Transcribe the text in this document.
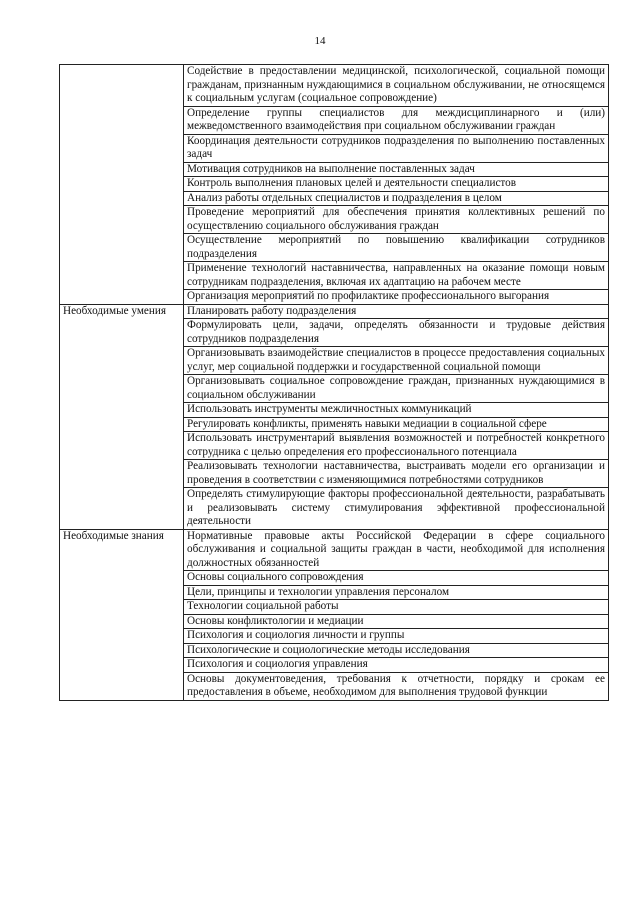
14
	Содействие в предоставлении медицинской, психологической, социальной помощи гражданам, признанным нуждающимися в социальном обслуживании, не относящемся к социальным услугам (социальное сопровождение)
	Определение группы специалистов для междисциплинарного и (или) межведомственного взаимодействия при социальном обслуживании граждан
	Координация деятельности сотрудников подразделения по выполнению поставленных задач
	Мотивация сотрудников на выполнение поставленных задач
	Контроль выполнения плановых целей и деятельности специалистов
	Анализ работы отдельных специалистов и подразделения в целом
	Проведение мероприятий для обеспечения принятия коллективных решений по осуществлению социального обслуживания граждан
	Осуществление мероприятий по повышению квалификации сотрудников подразделения
	Применение технологий наставничества, направленных на оказание помощи новым сотрудникам подразделения, включая их адаптацию на рабочем месте
	Организация мероприятий по профилактике профессионального выгорания
Необходимые умения	Планировать работу подразделения
	Формулировать цели, задачи, определять обязанности и трудовые действия сотрудников подразделения
	Организовывать взаимодействие специалистов в процессе предоставления социальных услуг, мер социальной поддержки и государственной социальной помощи
	Организовывать социальное сопровождение граждан, признанных нуждающимися в социальном обслуживании
	Использовать инструменты межличностных коммуникаций
	Регулировать конфликты, применять навыки медиации в социальной сфере
	Использовать инструментарий выявления возможностей и потребностей конкретного сотрудника с целью определения его профессионального потенциала
	Реализовывать технологии наставничества, выстраивать модели его организации и проведения в соответствии с изменяющимися потребностями сотрудников
	Определять стимулирующие факторы профессиональной деятельности, разрабатывать и реализовывать систему стимулирования эффективной профессиональной деятельности
Необходимые знания	Нормативные правовые акты Российской Федерации в сфере социального обслуживания и социальной защиты граждан в части, необходимой для исполнения должностных обязанностей
	Основы социального сопровождения
	Цели, принципы и технологии управления персоналом
	Технологии социальной работы
	Основы конфликтологии и медиации
	Психология и социология личности и группы
	Психологические и социологические методы исследования
	Психология и социология управления
	Основы документоведения, требования к отчетности, порядку и срокам ее предоставления в объеме, необходимом для выполнения трудовой функции
